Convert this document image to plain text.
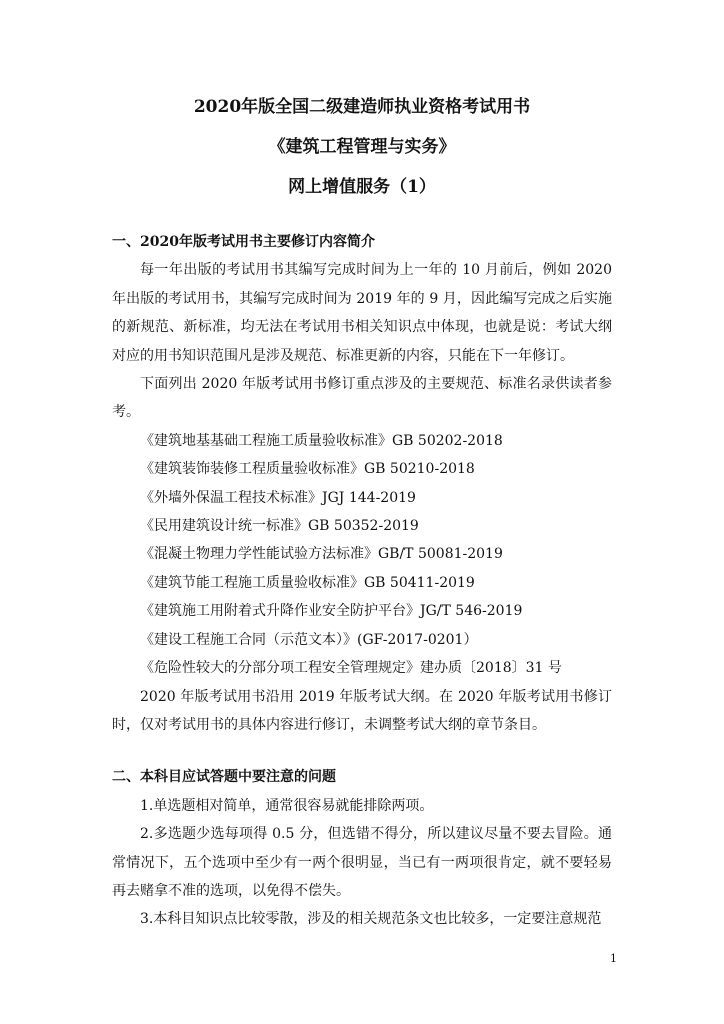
2020年版全国二级建造师执业资格考试用书
《建筑工程管理与实务》
网上增值服务（1）
一、2020年版考试用书主要修订内容简介

每一年出版的考试用书其编写完成时间为上一年的 10 月前后，例如 2020 年出版的考试用书，其编写完成时间为 2019 年的 9 月，因此编写完成之后实施的新规范、新标准，均无法在考试用书相关知识点中体现，也就是说：考试大纲对应的用书知识范围凡是涉及规范、标准更新的内容，只能在下一年修订。

下面列出 2020 年版考试用书修订重点涉及的主要规范、标准名录供读者参考。

《建筑地基基础工程施工质量验收标准》GB 50202-2018

《建筑装饰装修工程质量验收标准》GB 50210-2018

《外墙外保温工程技术标准》JGJ 144-2019

《民用建筑设计统一标准》GB 50352-2019

《混凝土物理力学性能试验方法标准》GB/T 50081-2019

《建筑节能工程施工质量验收标准》GB 50411-2019

《建筑施工用附着式升降作业安全防护平台》JG/T 546-2019

《建设工程施工合同（示范文本）》(GF-2017-0201）

《危险性较大的分部分项工程安全管理规定》建办质〔2018〕31 号

2020 年版考试用书沿用 2019 年版考试大纲。在 2020 年版考试用书修订时，仅对考试用书的具体内容进行修订，未调整考试大纲的章节条目。

二、本科目应试答题中要注意的问题

1.单选题相对简单，通常很容易就能排除两项。

2.多选题少选每项得 0.5 分，但选错不得分，所以建议尽量不要去冒险。通常情况下，五个选项中至少有一两个很明显，当已有一两项很肯定，就不要轻易再去赌拿不准的选项，以免得不偿失。

3.本科目知识点比较零散，涉及的相关规范条文也比较多，一定要注意规范

1
